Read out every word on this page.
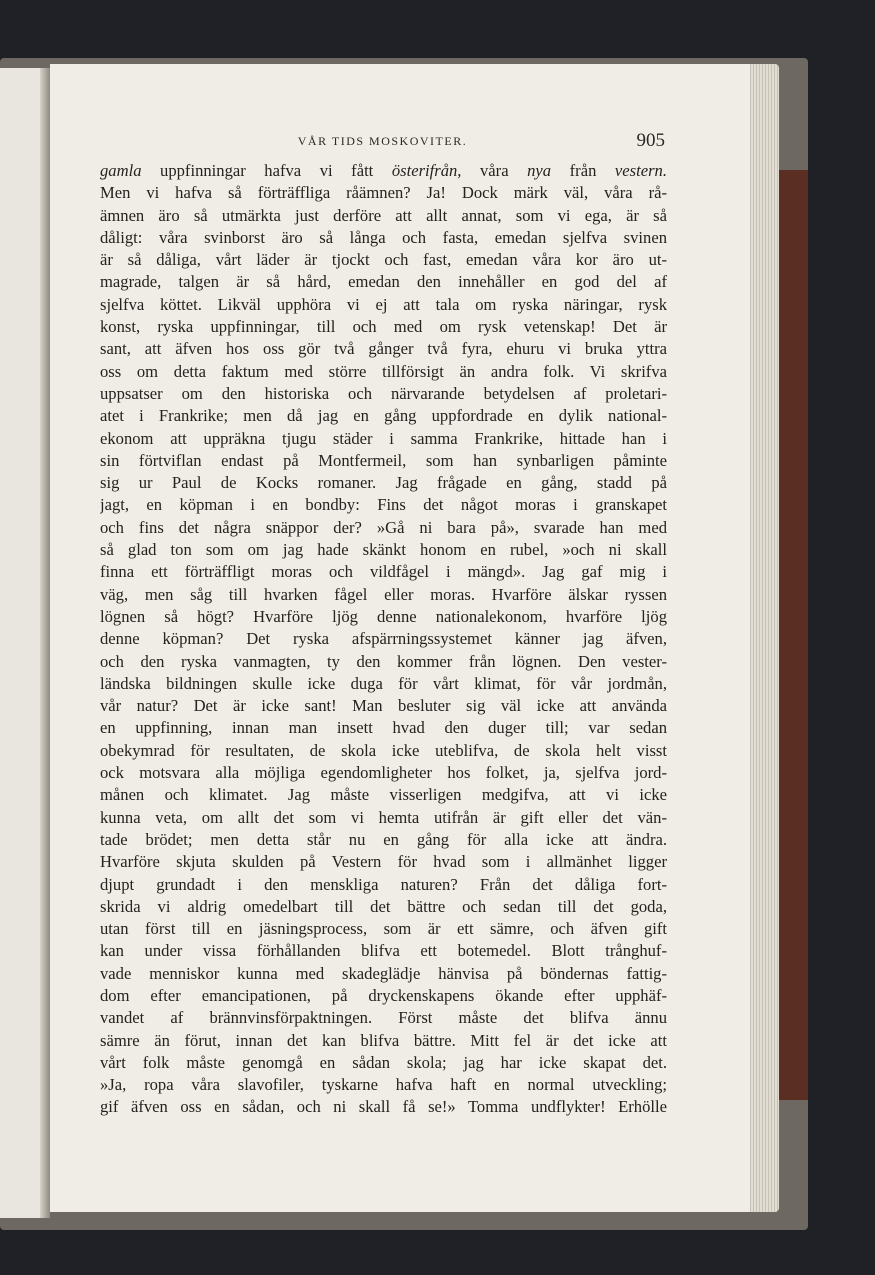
VÅR TIDS MOSKOVITER.	905
gamla uppfinningar hafva vi fått österifrån, våra nya från vestern.
Men vi hafva så förträffliga råämnen? Ja! Dock märk väl, våra rå-
ämnen äro så utmärkta just derföre att allt annat, som vi ega, är så
dåligt: våra svinborst äro så långa och fasta, emedan sjelfva svinen
är så dåliga, vårt läder är tjockt och fast, emedan våra kor äro ut-
magrade, talgen är så hård, emedan den innehåller en god del af
sjelfva köttet. Likväl upphöra vi ej att tala om ryska näringar, rysk
konst, ryska uppfinningar, till och med om rysk vetenskap! Det är
sant, att äfven hos oss gör två gånger två fyra, ehuru vi bruka yttra
oss om detta faktum med större tillförsigt än andra folk. Vi skrifva
uppsatser om den historiska och närvarande betydelsen af proletari-
atet i Frankrike; men då jag en gång uppfordrade en dylik national-
ekonom att uppräkna tjugu städer i samma Frankrike, hittade han i
sin förtviflan endast på Montfermeil, som han synbarligen påminte
sig ur Paul de Kocks romaner. Jag frågade en gång, stadd på
jagt, en köpman i en bondby: Fins det något moras i granskapet
och fins det några snäppor der? »Gå ni bara på», svarade han med
så glad ton som om jag hade skänkt honom en rubel, »och ni skall
finna ett förträffligt moras och vildfågel i mängd». Jag gaf mig i
väg, men såg till hvarken fågel eller moras. Hvarföre älskar ryssen
lögnen så högt? Hvarföre ljög denne nationalekonom, hvarföre ljög
denne köpman? Det ryska afspärrningssystemet känner jag äfven,
och den ryska vanmagten, ty den kommer från lögnen. Den vester-
ländska bildningen skulle icke duga för vårt klimat, för vår jordmån,
vår natur? Det är icke sant! Man besluter sig väl icke att använda
en uppfinning, innan man insett hvad den duger till; var sedan
obekymrad för resultaten, de skola icke uteblifva, de skola helt visst
ock motsvara alla möjliga egendomligheter hos folket, ja, sjelfva jord-
månen och klimatet. Jag måste visserligen medgifva, att vi icke
kunna veta, om allt det som vi hemta utifrån är gift eller det vän-
tade brödet; men detta står nu en gång för alla icke att ändra.
Hvarföre skjuta skulden på Vestern för hvad som i allmänhet ligger
djupt grundadt i den menskliga naturen? Från det dåliga fort-
skrida vi aldrig omedelbart till det bättre och sedan till det goda,
utan först till en jäsningsprocess, som är ett sämre, och äfven gift
kan under vissa förhållanden blifva ett botemedel. Blott trånghuf-
vade menniskor kunna med skadeglädje hänvisa på böndernas fattig-
dom efter emancipationen, på dryckenskapens ökande efter upphäf-
vandet af brännvinsförpaktningen. Först måste det blifva ännu
sämre än förut, innan det kan blifva bättre. Mitt fel är det icke att
vårt folk måste genomgå en sådan skola; jag har icke skapat det.
»Ja, ropa våra slavofiler, tyskarne hafva haft en normal utveckling;
gif äfven oss en sådan, och ni skall få se!» Tomma undflykter! Erhölle
